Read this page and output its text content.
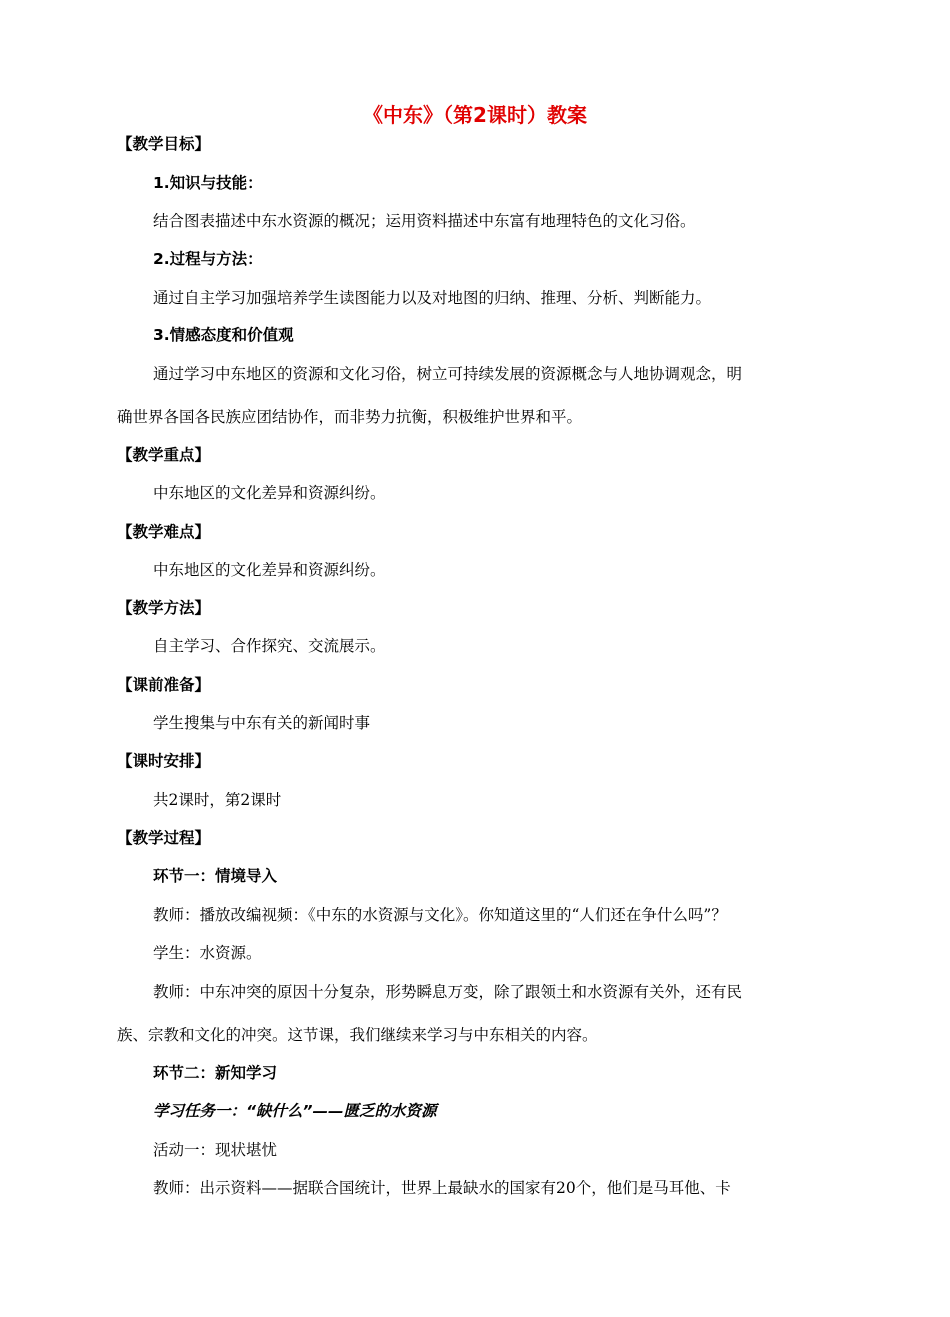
《中东》（第2课时）教案

【教学目标】

1.知识与技能：

结合图表描述中东水资源的概况；运用资料描述中东富有地理特色的文化习俗。

2.过程与方法：

通过自主学习加强培养学生读图能力以及对地图的归纳、推理、分析、判断能力。

3.情感态度和价值观

通过学习中东地区的资源和文化习俗，树立可持续发展的资源概念与人地协调观念，明

确世界各国各民族应团结协作，而非势力抗衡，积极维护世界和平。

【教学重点】

中东地区的文化差异和资源纠纷。

【教学难点】

中东地区的文化差异和资源纠纷。

【教学方法】

自主学习、合作探究、交流展示。

【课前准备】

学生搜集与中东有关的新闻时事

【课时安排】

共2课时，第2课时

【教学过程】

环节一：情境导入

教师：播放改编视频：《中东的水资源与文化》。你知道这里的“人们还在争什么吗”？

学生：水资源。

教师：中东冲突的原因十分复杂，形势瞬息万变，除了跟领土和水资源有关外，还有民

族、宗教和文化的冲突。这节课，我们继续来学习与中东相关的内容。

环节二：新知学习

学习任务一：“缺什么”——匮乏的水资源

活动一：现状堪忧

教师：出示资料——据联合国统计，世界上最缺水的国家有20个，他们是马耳他、卡
